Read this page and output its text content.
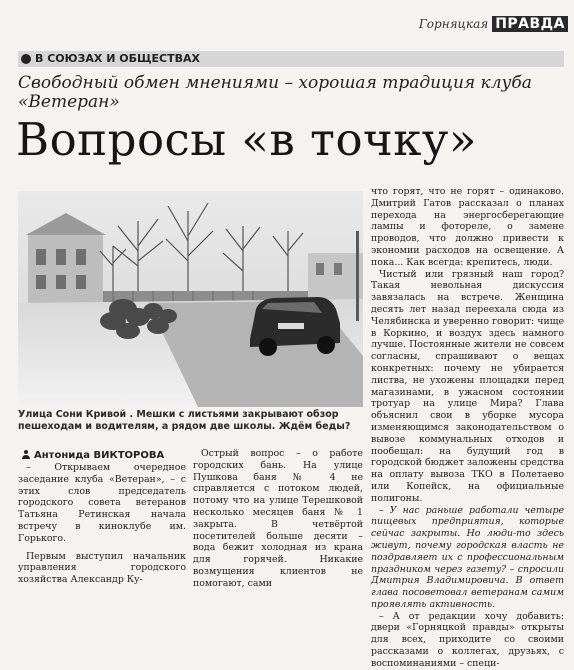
Горняцкая ПРАВДА
В СОЮЗАХ И ОБЩЕСТВАХ
Свободный обмен мнениями – хорошая традиция клуба «Ветеран»
Вопросы «в точку»
Улица Сони Кривой . Мешки с листьями закрывают обзор пешеходам и водителям, а рядом две школы. Ждём беды?
Антонида ВИКТОРОВА

– Открываем очередное заседание клуба «Ветеран», – с этих слов председатель городского совета ветеранов Татьяна Ретинская начала встречу в киноклубе им. Горького.

Первым выступил начальник управления городского хозяйства Александр Ку-

Острый вопрос – о работе городских бань. На улице Пушкова баня № 4 не справляется с потоком людей, потому что на улице Терешковой несколько месяцев баня № 1 закрыта. В четвёртой посетителей больше десяти – вода бежит холодная из крана для горячей. Никакие возмущения клиентов не помогают, сами

что горят, что не горят – одинаково. Дмитрий Гатов рассказал о планах перехода на энергосберегающие лампы и фотореле, о замене проводов, что должно привести к экономии расходов на освещение. А пока... Как всегда: крепитесь, люди.

Чистый или грязный наш город? Такая невольная дискуссия завязалась на встрече. Женщина десять лет назад переехала сюда из Челябинска и уверенно говорит: чище в Коркино, и воздух здесь намного лучше. Постоянные жители не совсем согласны, спрашивают о вещах конкретных: почему не убирается листва, не ухожены площадки перед магазинами, в ужасном состоянии тротуар на улице Мира? Глава объяснил свои в уборке мусора изменяющимся законодательством о вывозе коммунальных отходов и пообещал: на будущий год в городской бюджет заложены средства на оплату вывоза ТКО в Полетаево или Копейск, на официальные полигоны.

– У нас раньше работали четыре пищевых предприятия, которые сейчас закрыты. Но люди-то здесь живут, почему городская власть не поздравляет их с профессиональным праздником через газету? – спросили Дмитрия Владимировича. В ответ глава посоветовал ветеранам самим проявлять активность.

– А от редакции хочу добавить: двери «Горняцкой правды» открыты для всех, приходите со своими рассказами о коллегах, друзьях, с воспоминаниями – специ-
